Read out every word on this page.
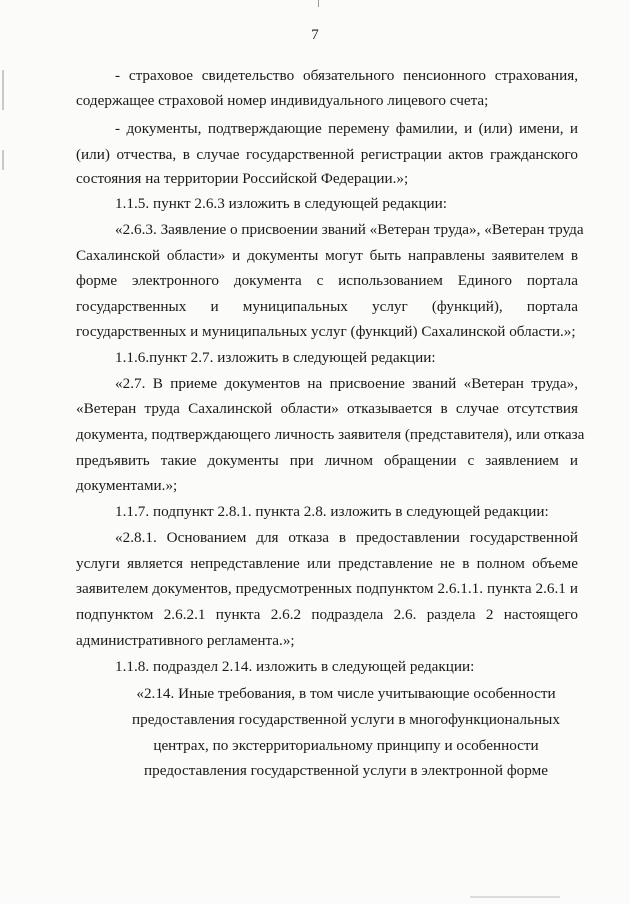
7
- страховое свидетельство обязательного пенсионного страхования,
содержащее страховой номер индивидуального лицевого счета;
- документы, подтверждающие перемену фамилии, и (или) имени, и
(или) отчества, в случае государственной регистрации актов гражданского
состояния на территории Российской Федерации.»;
1.1.5. пункт 2.6.3 изложить в следующей редакции:
«2.6.3. Заявление о присвоении званий «Ветеран труда», «Ветеран труда
Сахалинской области» и документы могут быть направлены заявителем в
форме электронного документа с использованием Единого портала
государственных и муниципальных услуг (функций), портала
государственных и муниципальных услуг (функций) Сахалинской области.»;
1.1.6.пункт 2.7. изложить в следующей редакции:
«2.7. В приеме документов на присвоение званий «Ветеран труда»,
«Ветеран труда Сахалинской области» отказывается в случае отсутствия
документа, подтверждающего личность заявителя (представителя), или отказа
предъявить такие документы при личном обращении с заявлением и
документами.»;
1.1.7. подпункт 2.8.1. пункта 2.8. изложить в следующей редакции:
«2.8.1. Основанием для отказа в предоставлении государственной
услуги является непредставление или представление не в полном объеме
заявителем документов, предусмотренных подпунктом 2.6.1.1. пункта 2.6.1 и
подпунктом 2.6.2.1 пункта 2.6.2 подраздела 2.6. раздела 2 настоящего
административного регламента.»;
1.1.8. подраздел 2.14. изложить в следующей редакции:
«2.14. Иные требования, в том числе учитывающие особенности
предоставления государственной услуги в многофункциональных
центрах, по экстерриториальному принципу и особенности
предоставления государственной услуги в электронной форме
